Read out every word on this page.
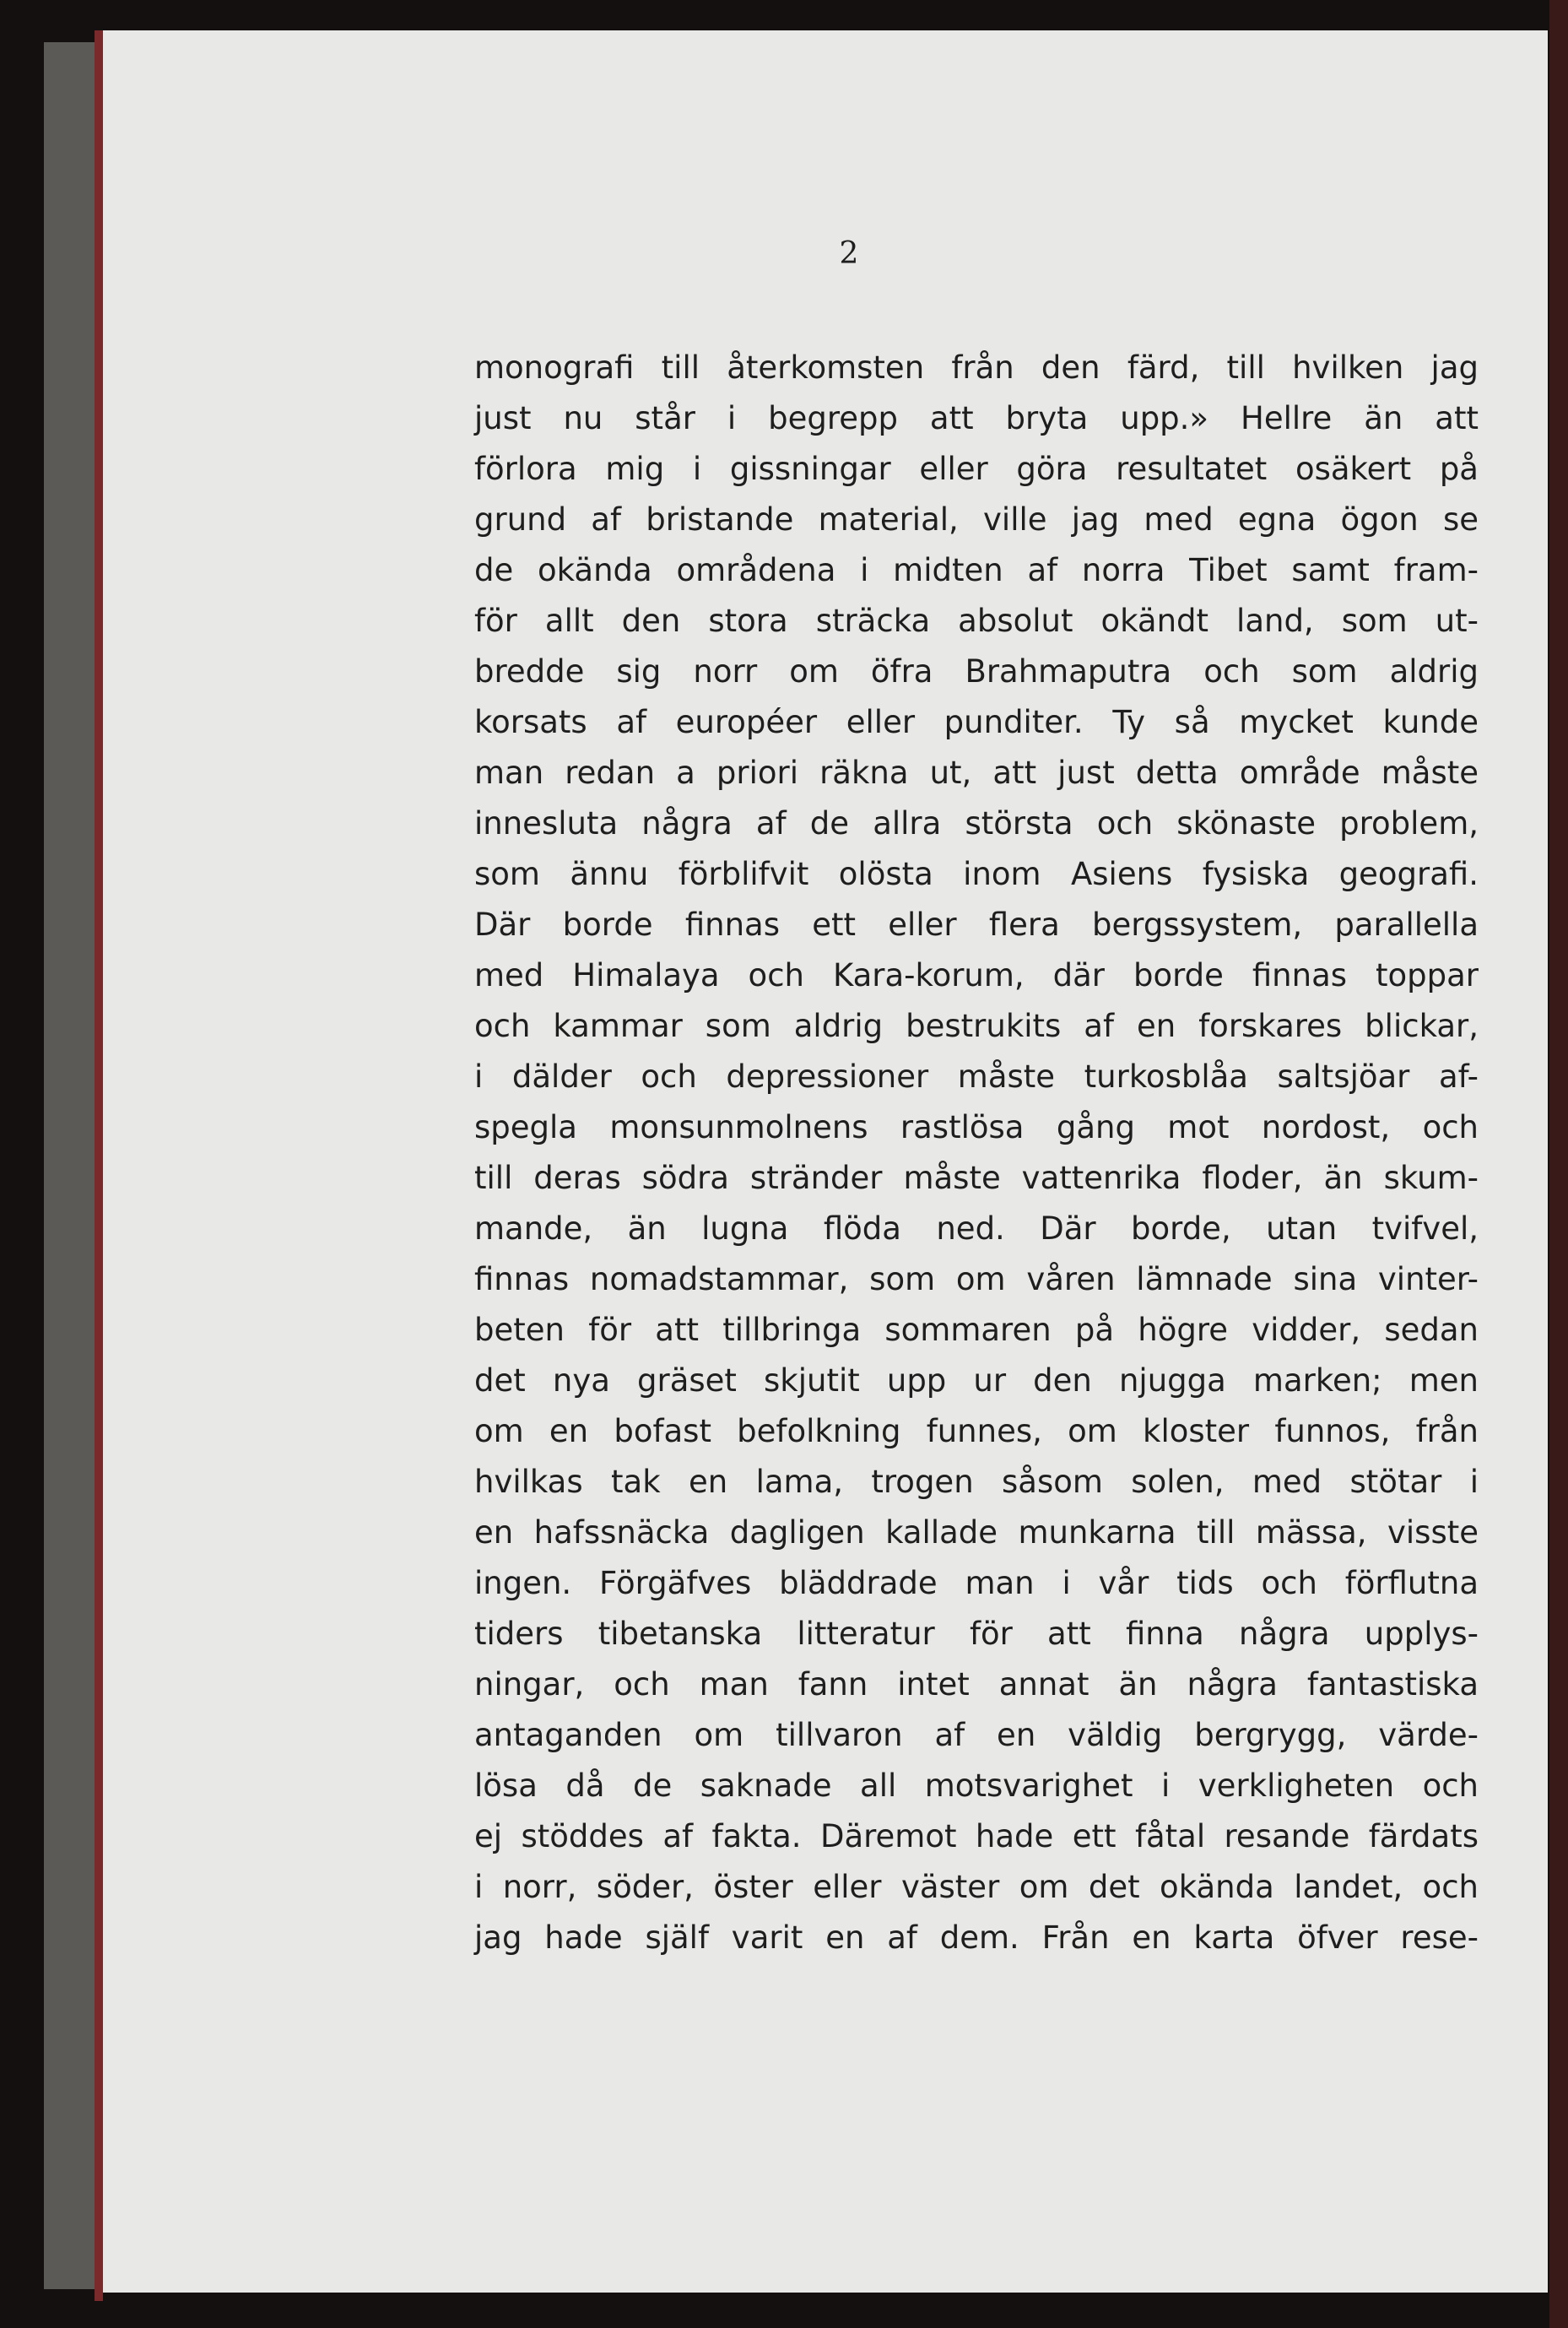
2
monografi till återkomsten från den färd, till hvilken jag
just nu står i begrepp att bryta upp.» Hellre än att
förlora mig i gissningar eller göra resultatet osäkert på
grund af bristande material, ville jag med egna ögon se
de okända områdena i midten af norra Tibet samt fram-
för allt den stora sträcka absolut okändt land, som ut-
bredde sig norr om öfra Brahmaputra och som aldrig
korsats af européer eller punditer. Ty så mycket kunde
man redan a priori räkna ut, att just detta område måste
innesluta några af de allra största och skönaste problem,
som ännu förblifvit olösta inom Asiens fysiska geografi.
Där borde finnas ett eller flera bergssystem, parallella
med Himalaya och Kara-korum, där borde finnas toppar
och kammar som aldrig bestrukits af en forskares blickar,
i dälder och depressioner måste turkosblåa saltsjöar af-
spegla monsunmolnens rastlösa gång mot nordost, och
till deras södra stränder måste vattenrika floder, än skum-
mande, än lugna flöda ned. Där borde, utan tvifvel,
finnas nomadstammar, som om våren lämnade sina vinter-
beten för att tillbringa sommaren på högre vidder, sedan
det nya gräset skjutit upp ur den njugga marken; men
om en bofast befolkning funnes, om kloster funnos, från
hvilkas tak en lama, trogen såsom solen, med stötar i
en hafssnäcka dagligen kallade munkarna till mässa, visste
ingen. Förgäfves bläddrade man i vår tids och förflutna
tiders tibetanska litteratur för att finna några upplys-
ningar, och man fann intet annat än några fantastiska
antaganden om tillvaron af en väldig bergrygg, värde-
lösa då de saknade all motsvarighet i verkligheten och
ej stöddes af fakta. Däremot hade ett fåtal resande färdats
i norr, söder, öster eller väster om det okända landet, och
jag hade själf varit en af dem. Från en karta öfver rese-
